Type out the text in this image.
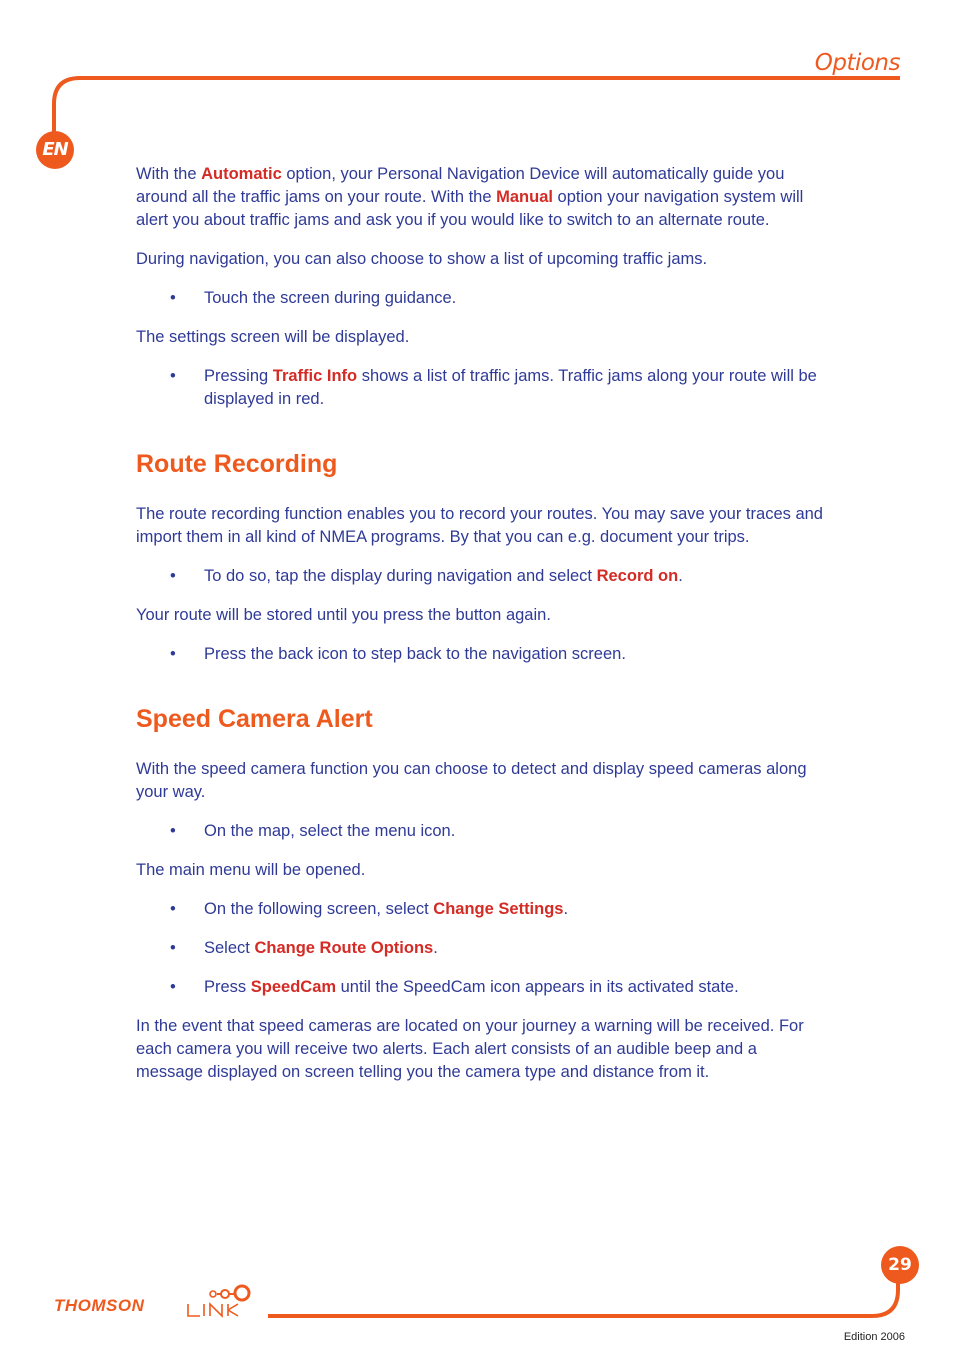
Options
EN

With the Automatic option, your Personal Navigation Device will automatically guide you around all the traffic jams on your route. With the Manual option your navigation system will alert you about traffic jams and ask you if you would like to switch to an alternate route.

During navigation, you can also choose to show a list of upcoming traffic jams.

• Touch the screen during guidance.

The settings screen will be displayed.

• Pressing Traffic Info shows a list of traffic jams. Traffic jams along your route will be displayed in red.
Route Recording

The route recording function enables you to record your routes. You may save your traces and import them in all kind of NMEA programs. By that you can e.g. document your trips.

• To do so, tap the display during navigation and select Record on.

Your route will be stored until you press the button again.

• Press the back icon to step back to the navigation screen.
Speed Camera Alert

With the speed camera function you can choose to detect and display speed cameras along your way.

• On the map, select the menu icon.

The main menu will be opened.

• On the following screen, select Change Settings.
• Select Change Route Options.
• Press SpeedCam until the SpeedCam icon appears in its activated state.

In the event that speed cameras are located on your journey a warning will be received. For each camera you will receive two alerts. Each alert consists of an audible beep and a message displayed on screen telling you the camera type and distance from it.

29
THOMSON
Edition 2006
